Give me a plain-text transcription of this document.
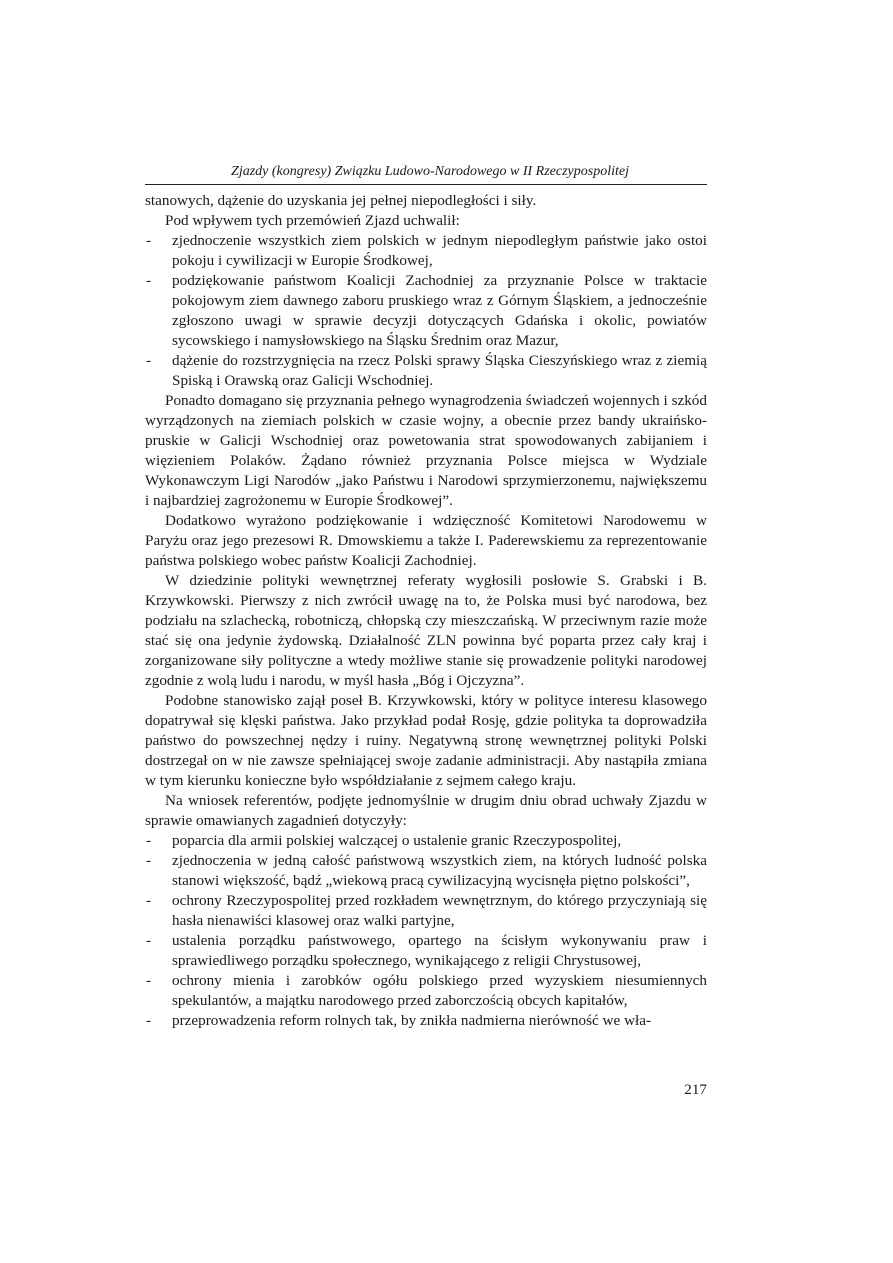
Zjazdy (kongresy) Związku Ludowo-Narodowego w II Rzeczypospolitej

stanowych, dążenie do uzyskania jej pełnej niepodległości i siły.

Pod wpływem tych przemówień Zjazd uchwalił:

- zjednoczenie wszystkich ziem polskich w jednym niepodległym państwie jako ostoi pokoju i cywilizacji w Europie Środkowej,
- podziękowanie państwom Koalicji Zachodniej za przyznanie Polsce w traktacie pokojowym ziem dawnego zaboru pruskiego wraz z Górnym Śląskiem, a jednocześnie zgłoszono uwagi w sprawie decyzji dotyczących Gdańska i okolic, powiatów sycowskiego i namysłowskiego na Śląsku Średnim oraz Mazur,
- dążenie do rozstrzygnięcia na rzecz Polski sprawy Śląska Cieszyńskiego wraz z ziemią Spiską i Orawską oraz Galicji Wschodniej.

Ponadto domagano się przyznania pełnego wynagrodzenia świadczeń wojennych i szkód wyrządzonych na ziemiach polskich w czasie wojny, a obecnie przez bandy ukraińsko-pruskie w Galicji Wschodniej oraz powetowania strat spowodowanych zabijaniem i więzieniem Polaków. Żądano również przyznania Polsce miejsca w Wydziale Wykonawczym Ligi Narodów „jako Państwu i Narodowi sprzymierzonemu, największemu i najbardziej zagrożonemu w Europie Środkowej”.

Dodatkowo wyrażono podziękowanie i wdzięczność Komitetowi Narodowemu w Paryżu oraz jego prezesowi R. Dmowskiemu a także I. Paderewskiemu za reprezentowanie państwa polskiego wobec państw Koalicji Zachodniej.

W dziedzinie polityki wewnętrznej referaty wygłosili posłowie S. Grabski i B. Krzywkowski. Pierwszy z nich zwrócił uwagę na to, że Polska musi być narodowa, bez podziału na szlachecką, robotniczą, chłopską czy mieszczańską. W przeciwnym razie może stać się ona jedynie żydowską. Działalność ZLN powinna być poparta przez cały kraj i zorganizowane siły polityczne a wtedy możliwe stanie się prowadzenie polityki narodowej zgodnie z wolą ludu i narodu, w myśl hasła „Bóg i Ojczyzna”.

Podobne stanowisko zajął poseł B. Krzywkowski, który w polityce interesu klasowego dopatrywał się klęski państwa. Jako przykład podał Rosję, gdzie polityka ta doprowadziła państwo do powszechnej nędzy i ruiny. Negatywną stronę wewnętrznej polityki Polski dostrzegał on w nie zawsze spełniającej swoje zadanie administracji. Aby nastąpiła zmiana w tym kierunku konieczne było współdziałanie z sejmem całego kraju.

Na wniosek referentów, podjęte jednomyślnie w drugim dniu obrad uchwały Zjazdu w sprawie omawianych zagadnień dotyczyły:

- poparcia dla armii polskiej walczącej o ustalenie granic Rzeczypospolitej,
- zjednoczenia w jedną całość państwową wszystkich ziem, na których ludność polska stanowi większość, bądź „wiekową pracą cywilizacyjną wycisnęła piętno polskości”,
- ochrony Rzeczypospolitej przed rozkładem wewnętrznym, do którego przyczyniają się hasła nienawiści klasowej oraz walki partyjne,
- ustalenia porządku państwowego, opartego na ścisłym wykonywaniu praw i sprawiedliwego porządku społecznego, wynikającego z religii Chrystusowej,
- ochrony mienia i zarobków ogółu polskiego przed wyzyskiem niesumiennych spekulantów, a majątku narodowego przed zaborczością obcych kapitałów,
- przeprowadzenia reform rolnych tak, by znikła nadmierna nierówność we wła-
217
